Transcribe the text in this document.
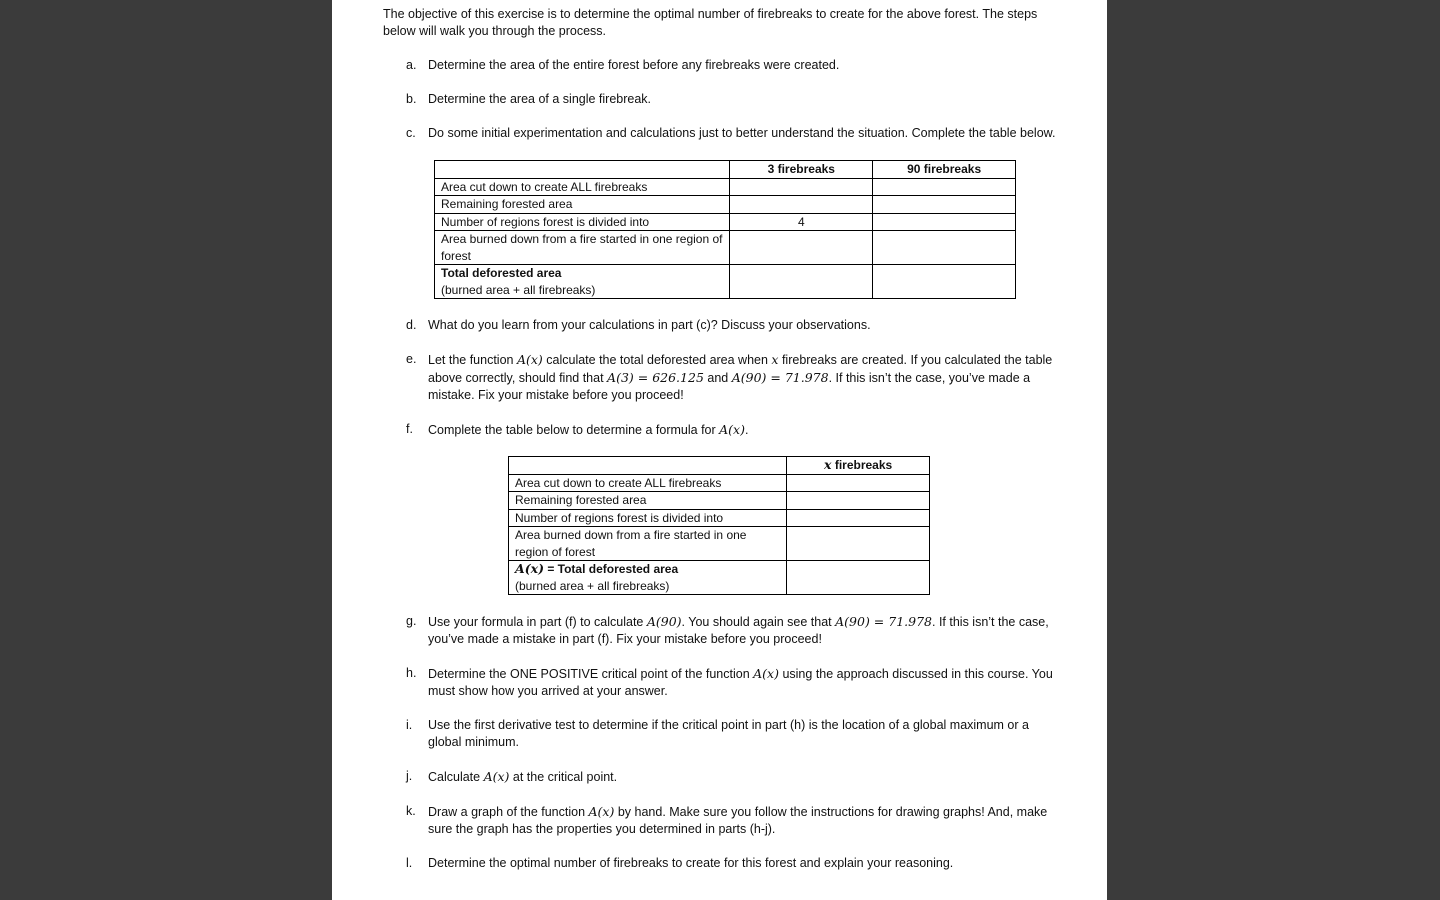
The objective of this exercise is to determine the optimal number of firebreaks to create for the above forest. The steps below will walk you through the process.

a. Determine the area of the entire forest before any firebreaks were created.
b. Determine the area of a single firebreak.
c. Do some initial experimentation and calculations just to better understand the situation. Complete the table below.
	3 firebreaks	90 firebreaks
Area cut down to create ALL firebreaks		
Remaining forested area		
Number of regions forest is divided into	4	
Area burned down from a fire started in one region of forest		
Total deforested area
(burned area + all firebreaks)		
d. What do you learn from your calculations in part (c)? Discuss your observations.
e. Let the function A(x) calculate the total deforested area when x firebreaks are created. If you calculated the table above correctly, should find that A(3) = 626.125 and A(90) = 71.978. If this isn’t the case, you’ve made a mistake. Fix your mistake before you proceed!
f. Complete the table below to determine a formula for A(x).
	x firebreaks
Area cut down to create ALL firebreaks	
Remaining forested area	
Number of regions forest is divided into	
Area burned down from a fire started in one region of forest	
A(x) = Total deforested area
(burned area + all firebreaks)	
g. Use your formula in part (f) to calculate A(90). You should again see that A(90) = 71.978. If this isn’t the case, you’ve made a mistake in part (f). Fix your mistake before you proceed!
h. Determine the ONE POSITIVE critical point of the function A(x) using the approach discussed in this course. You must show how you arrived at your answer.
i. Use the first derivative test to determine if the critical point in part (h) is the location of a global maximum or a global minimum.
j. Calculate A(x) at the critical point.
k. Draw a graph of the function A(x) by hand. Make sure you follow the instructions for drawing graphs! And, make sure the graph has the properties you determined in parts (h-j).
l. Determine the optimal number of firebreaks to create for this forest and explain your reasoning.
